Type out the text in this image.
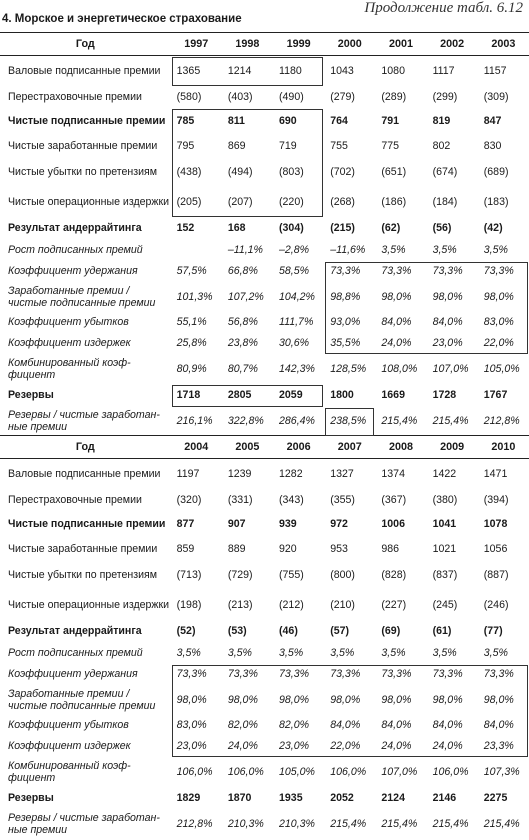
Продолжение табл. 6.12
4. Морское и энергетическое страхование
Год	1997	1998	1999	2000	2001	2002	2003
Валовые подписанные премии	1365	1214	1180	1043	1080	1117	1157
Перестраховочные премии	(580)	(403)	(490)	(279)	(289)	(299)	(309)
Чистые подписанные премии	785	811	690	764	791	819	847
Чистые заработанные премии	795	869	719	755	775	802	830
Чистые убытки по претензиям	(438)	(494)	(803)	(702)	(651)	(674)	(689)
Чистые операционные издержки	(205)	(207)	(220)	(268)	(186)	(184)	(183)
Результат андеррайтинга	152	168	(304)	(215)	(62)	(56)	(42)
Рост подписанных премий		–11,1%	–2,8%	–11,6%	3,5%	3,5%	3,5%
Коэффициент удержания	57,5%	66,8%	58,5%	73,3%	73,3%	73,3%	73,3%
Заработанные премии / чистые подписанные премии	101,3%	107,2%	104,2%	98,8%	98,0%	98,0%	98,0%
Коэффициент убытков	55,1%	56,8%	111,7%	93,0%	84,0%	84,0%	83,0%
Коэффициент издержек	25,8%	23,8%	30,6%	35,5%	24,0%	23,0%	22,0%
Комбинированный коэф- фициент	80,9%	80,7%	142,3%	128,5%	108,0%	107,0%	105,0%
Резервы	1718	2805	2059	1800	1669	1728	1767
Резервы / чистые заработан- ные премии	216,1%	322,8%	286,4%	238,5%	215,4%	215,4%	212,8%
Год	2004	2005	2006	2007	2008	2009	2010
Валовые подписанные премии	1197	1239	1282	1327	1374	1422	1471
Перестраховочные премии	(320)	(331)	(343)	(355)	(367)	(380)	(394)
Чистые подписанные премии	877	907	939	972	1006	1041	1078
Чистые заработанные премии	859	889	920	953	986	1021	1056
Чистые убытки по претензиям	(713)	(729)	(755)	(800)	(828)	(837)	(887)
Чистые операционные издержки	(198)	(213)	(212)	(210)	(227)	(245)	(246)
Результат андеррайтинга	(52)	(53)	(46)	(57)	(69)	(61)	(77)
Рост подписанных премий	3,5%	3,5%	3,5%	3,5%	3,5%	3,5%	3,5%
Коэффициент удержания	73,3%	73,3%	73,3%	73,3%	73,3%	73,3%	73,3%
Заработанные премии / чистые подписанные премии	98,0%	98,0%	98,0%	98,0%	98,0%	98,0%	98,0%
Коэффициент убытков	83,0%	82,0%	82,0%	84,0%	84,0%	84,0%	84,0%
Коэффициент издержек	23,0%	24,0%	23,0%	22,0%	24,0%	24,0%	23,3%
Комбинированный коэф- фициент	106,0%	106,0%	105,0%	106,0%	107,0%	106,0%	107,3%
Резервы	1829	1870	1935	2052	2124	2146	2275
Резервы / чистые заработан- ные премии	212,8%	210,3%	210,3%	215,4%	215,4%	215,4%	215,4%
